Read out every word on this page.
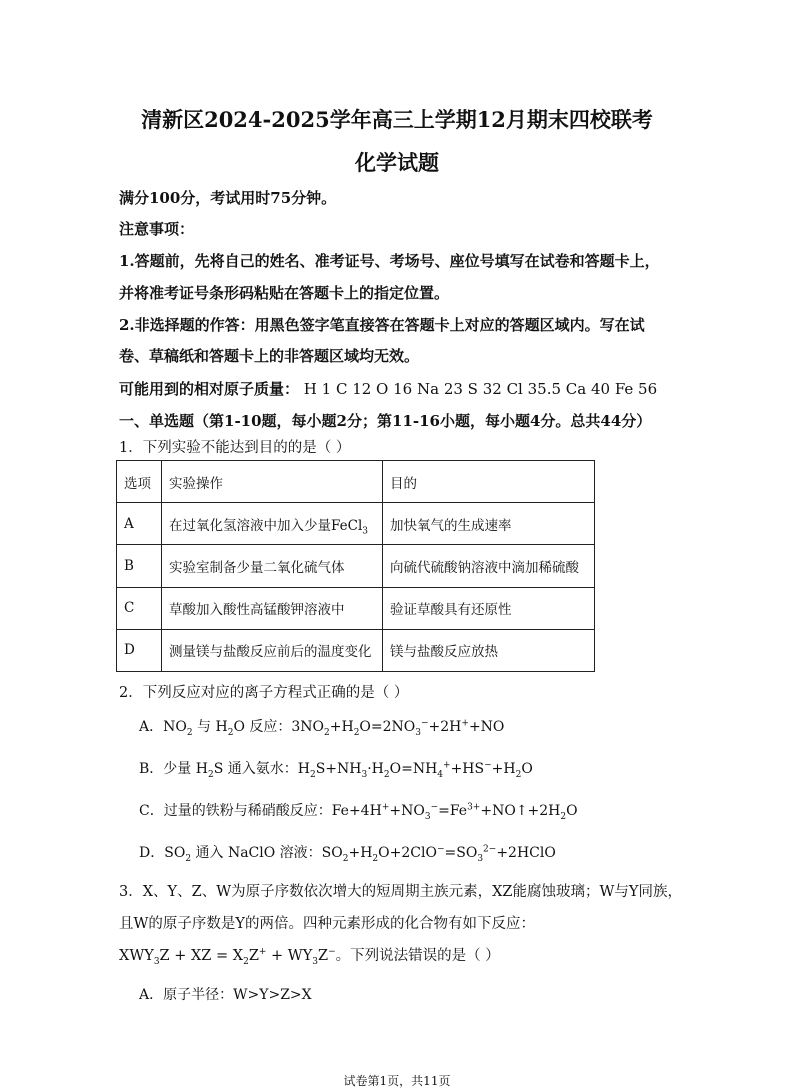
清新区2024-2025学年高三上学期12月期末四校联考
化学试题
满分100分，考试用时75分钟。
注意事项：
1.答题前，先将自己的姓名、准考证号、考场号、座位号填写在试卷和答题卡上，
并将准考证号条形码粘贴在答题卡上的指定位置。
2.非选择题的作答：用黑色签字笔直接答在答题卡上对应的答题区域内。写在试
卷、草稿纸和答题卡上的非答题区域均无效。
可能用到的相对原子质量： H 1 C 12 O 16 Na 23 S 32 Cl 35.5 Ca 40 Fe 56
一、单选题（第1-10题，每小题2分；第11-16小题，每小题4分。总共44分）
1．下列实验不能达到目的的是（ ）
选项	实验操作	目的
A	在过氧化氢溶液中加入少量FeCl$_3$	加快氧气的生成速率
B	实验室制备少量二氧化硫气体	向硫代硫酸钠溶液中滴加稀硫酸
C	草酸加入酸性高锰酸钾溶液中	验证草酸具有还原性
D	测量镁与盐酸反应前后的温度变化	镁与盐酸反应放热
2．下列反应对应的离子方程式正确的是（ ）
A．$NO_2$ 与 $H_2O$ 反应：$3NO_2+H_2O=2NO_3^-+2H^++NO$
B．少量 $H_2S$ 通入氨水：$H_2S+NH_3\cdot H_2O=NH_4^++HS^-+H_2O$
C．过量的铁粉与稀硝酸反应：$Fe+4H^++NO_3^-=Fe^{3+}+NO↑+2H_2O$
D．$SO_2$ 通入 NaClO 溶液：$SO_2+H_2O+2ClO^-=SO_3^{2-}+2HClO$
3．X、Y、Z、W为原子序数依次增大的短周期主族元素，XZ能腐蚀玻璃；W与Y同族，
且W的原子序数是Y的两倍。四种元素形成的化合物有如下反应：
$XWY_3Z$ + XZ = $X_2Z^+ + WY_3Z^-$。下列说法错误的是（ ）
A．原子半径：W>Y>Z>X
试卷第1页，共11页
